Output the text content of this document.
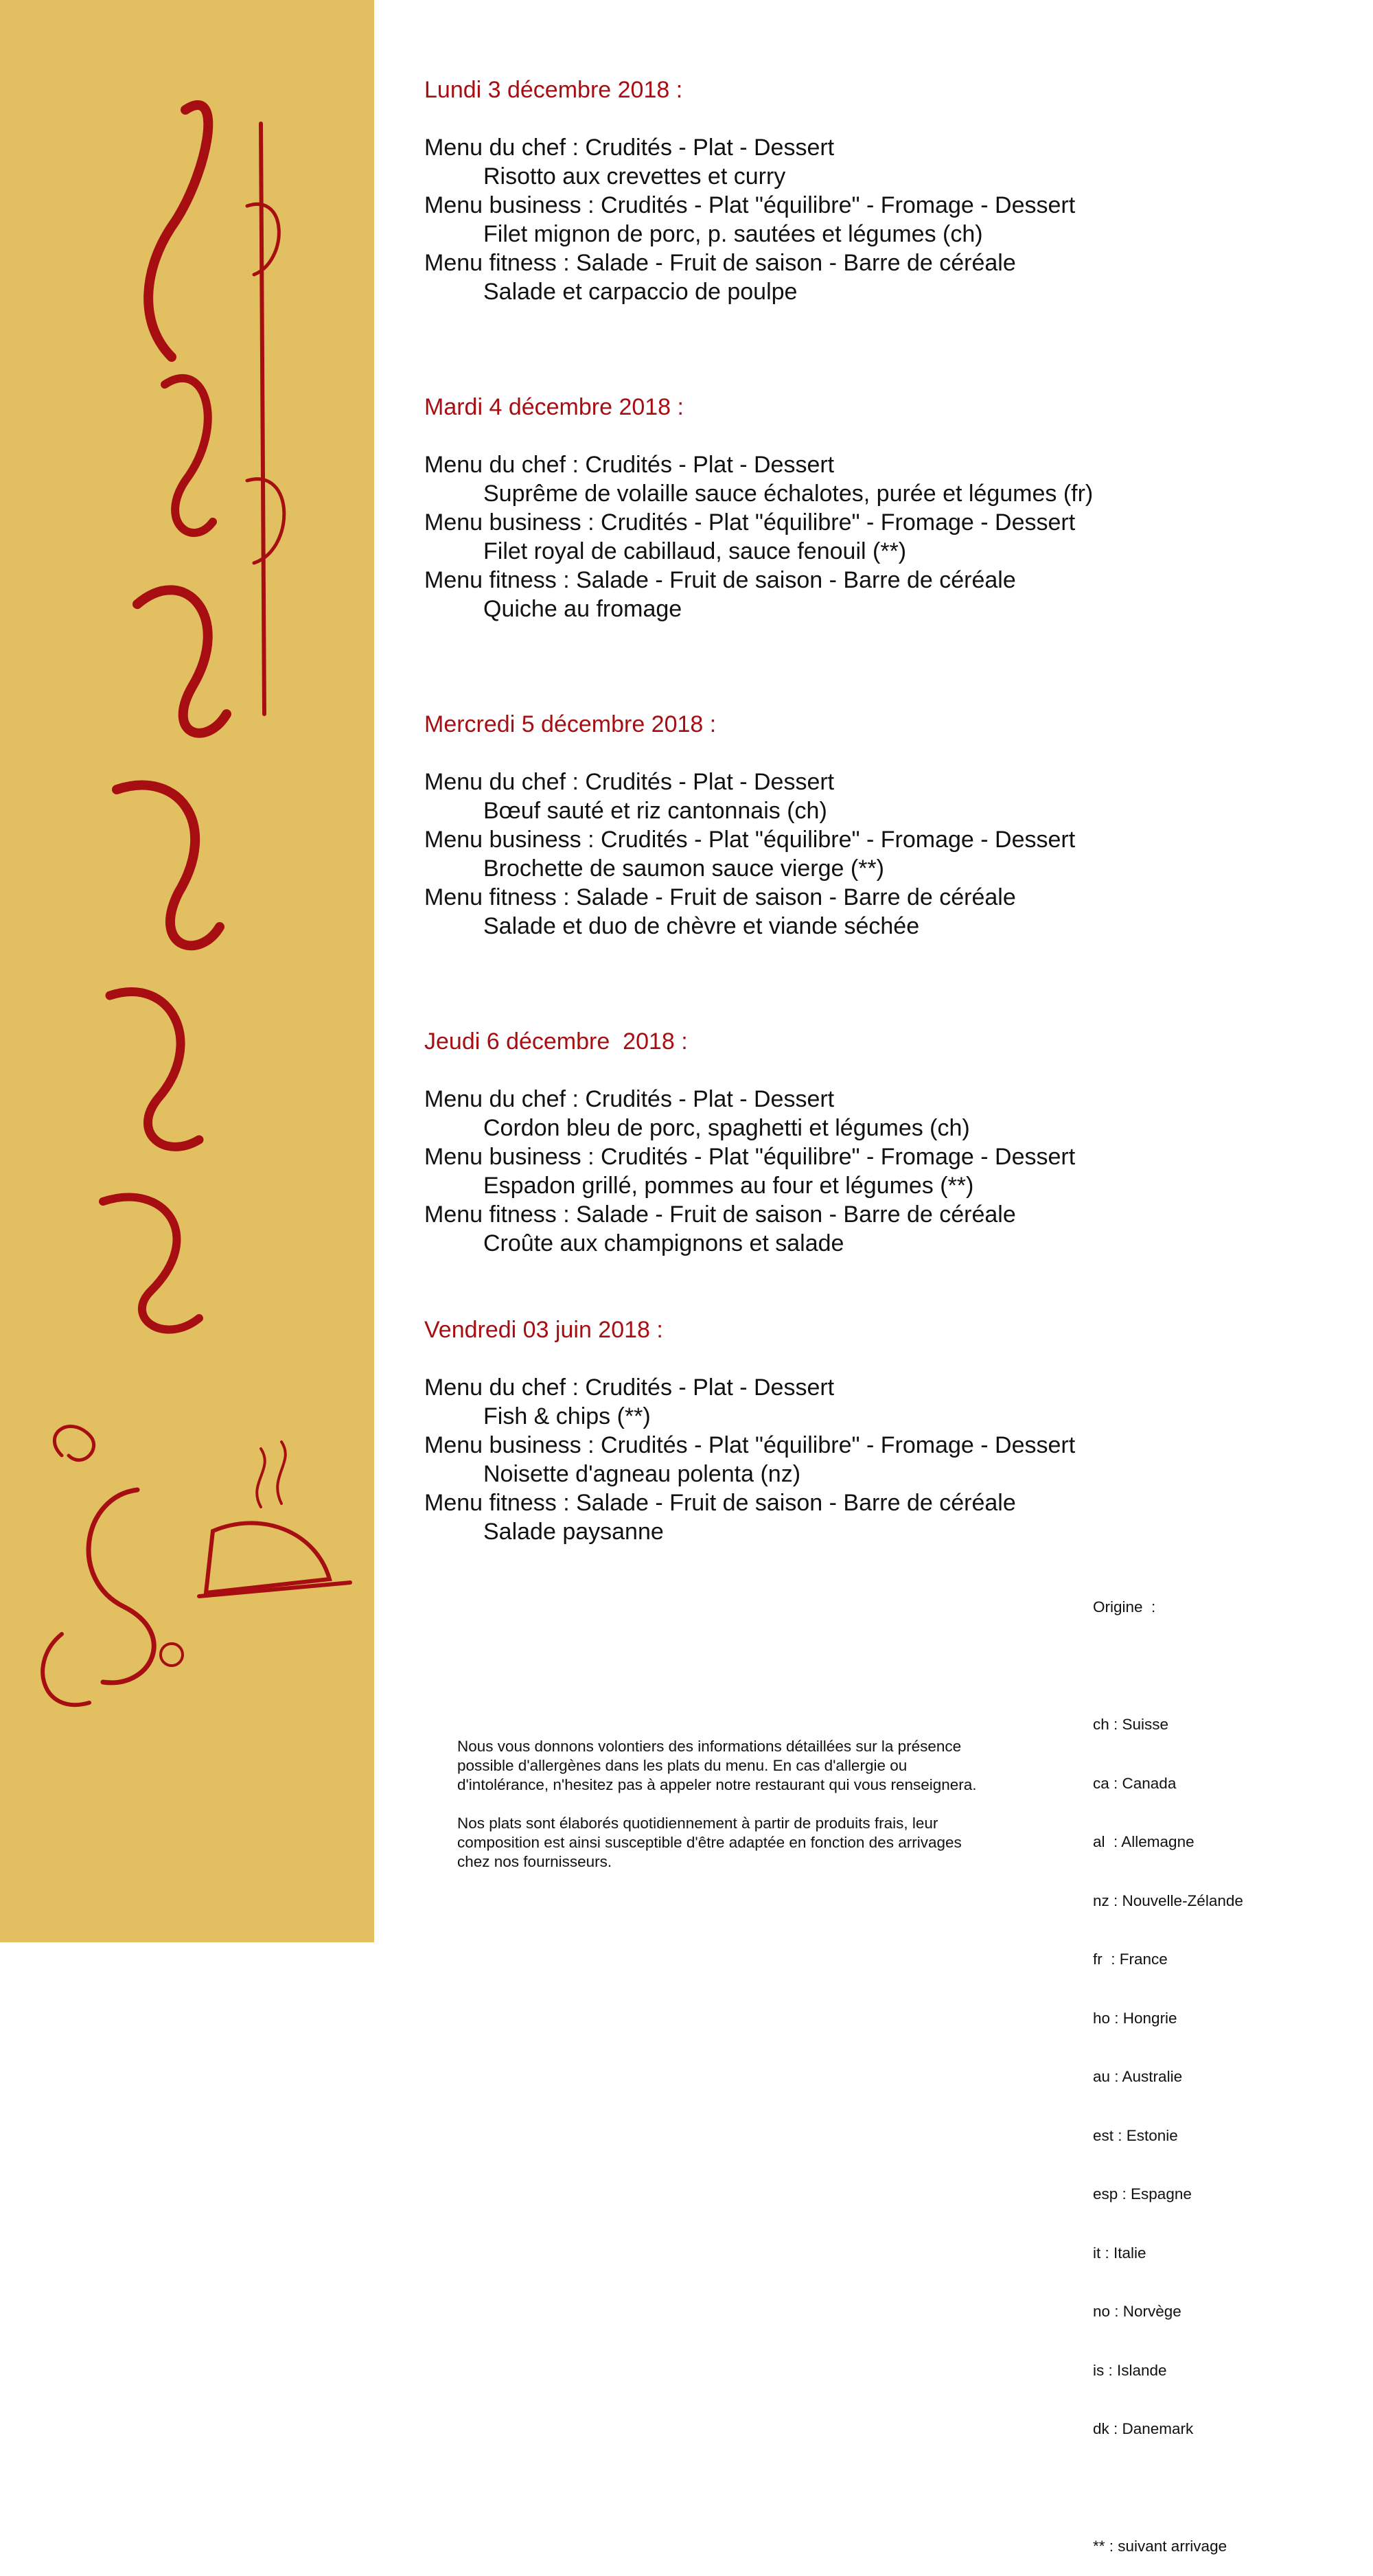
Lundi 3 décembre 2018 :
Menu du chef : Crudités - Plat - Dessert
Risotto aux crevettes et curry
Menu business : Crudités - Plat "équilibre" - Fromage - Dessert
Filet mignon de porc, p. sautées et légumes (ch)
Menu fitness : Salade - Fruit de saison - Barre de céréale
Salade et carpaccio de poulpe
Mardi 4 décembre 2018 :
Menu du chef : Crudités - Plat - Dessert
Suprême de volaille sauce échalotes, purée et légumes (fr)
Menu business : Crudités - Plat "équilibre" - Fromage - Dessert
Filet royal de cabillaud, sauce fenouil (**)
Menu fitness : Salade - Fruit de saison - Barre de céréale
Quiche au fromage
Mercredi 5 décembre 2018 :
Menu du chef : Crudités - Plat - Dessert
Bœuf sauté et riz cantonnais (ch)
Menu business : Crudités - Plat "équilibre" - Fromage - Dessert
Brochette de saumon sauce vierge (**)
Menu fitness : Salade - Fruit de saison - Barre de céréale
Salade et duo de chèvre et viande séchée
Jeudi 6 décembre  2018 :
Menu du chef : Crudités - Plat - Dessert
Cordon bleu de porc, spaghetti et légumes (ch)
Menu business : Crudités - Plat "équilibre" - Fromage - Dessert
Espadon grillé, pommes au four et légumes (**)
Menu fitness : Salade - Fruit de saison - Barre de céréale
Croûte aux champignons et salade
Vendredi 03 juin 2018 :
Menu du chef : Crudités - Plat - Dessert
Fish & chips (**)
Menu business : Crudités - Plat "équilibre" - Fromage - Dessert
Noisette d'agneau polenta (nz)
Menu fitness : Salade - Fruit de saison - Barre de céréale
Salade paysanne

Nous vous donnons volontiers des informations détaillées sur la présence possible d'allergènes dans les plats du menu. En cas d'allergie ou d'intolérance, n'hesitez pas à appeler notre restaurant qui vous renseignera.

Nos plats sont élaborés quotidiennement à partir de produits frais, leur composition est ainsi susceptible d'être adaptée en fonction des arrivages chez nos fournisseurs.

Origine  :

ch : Suisse

ca : Canada

al  : Allemagne

nz : Nouvelle-Zélande

fr  : France

ho : Hongrie

au : Australie

est : Estonie

esp : Espagne

it : Italie

no : Norvège

is : Islande

dk : Danemark

** : suivant arrivage
